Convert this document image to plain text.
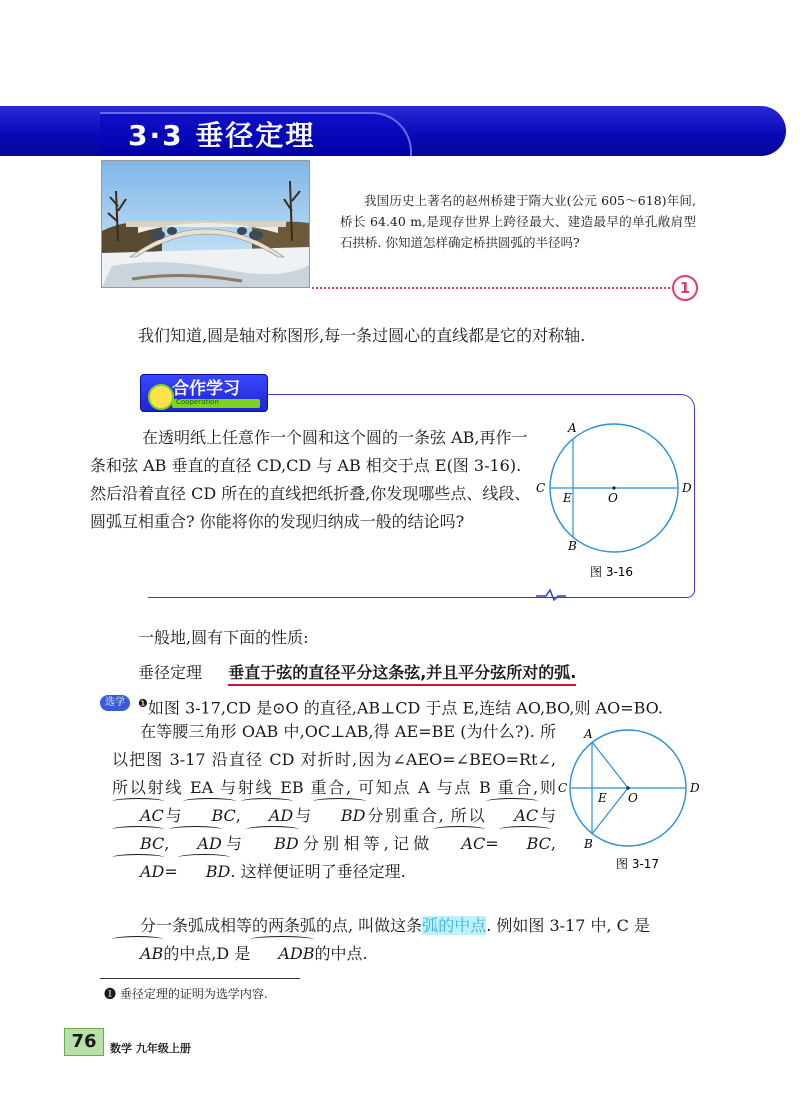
3·3 垂径定理
我国历史上著名的赵州桥建于隋大业(公元 605～618)年间,桥长 64.40 m,是现存世界上跨径最大、建造最早的单孔敞肩型石拱桥. 你知道怎样确定桥拱圆弧的半径吗?
1
我们知道,圆是轴对称图形,每一条过圆心的直线都是它的对称轴.
合作学习
Cooperation
在透明纸上任意作一个圆和这个圆的一条弦 AB,再作一条和弦 AB 垂直的直径 CD,CD 与 AB 相交于点 E(图 3-16). 然后沿着直径 CD 所在的直线把纸折叠,你发现哪些点、线段、圆弧互相重合? 你能将你的发现归纳成一般的结论吗?
A
B
C	D
E	O
图 3-16
一般地,圆有下面的性质:
垂径定理 垂直于弦的直径平分这条弦,并且平分弦所对的弧.
选学	$^❶$如图 3-17,CD 是⊙O 的直径,AB⊥CD 于点 E,连结 AO,BO,则 AO=BO.
在等腰三角形 OAB 中,OC⊥AB,得 AE=BE (为什么?). 所以把图 3-17 沿直径 CD 对折时,因为∠AEO=∠BEO=Rt∠, 所以射线 EA 与射线 EB 重合, 可知点 A 与点 B 重合,则AC与 BC, AD与 BD分别重合, 所以 AC与BC, AD与 BD分别相等,记做 AC= BC,AD= BD. 这样便证明了垂径定理.
A
B
C	D
E O
图 3-17
分一条弧成相等的两条弧的点, 叫做这条弧的中点. 例如图 3-17 中, C 是AB的中点,D 是 ADB的中点.
❶ 垂径定理的证明为选学内容.
76	数学 九年级上册
